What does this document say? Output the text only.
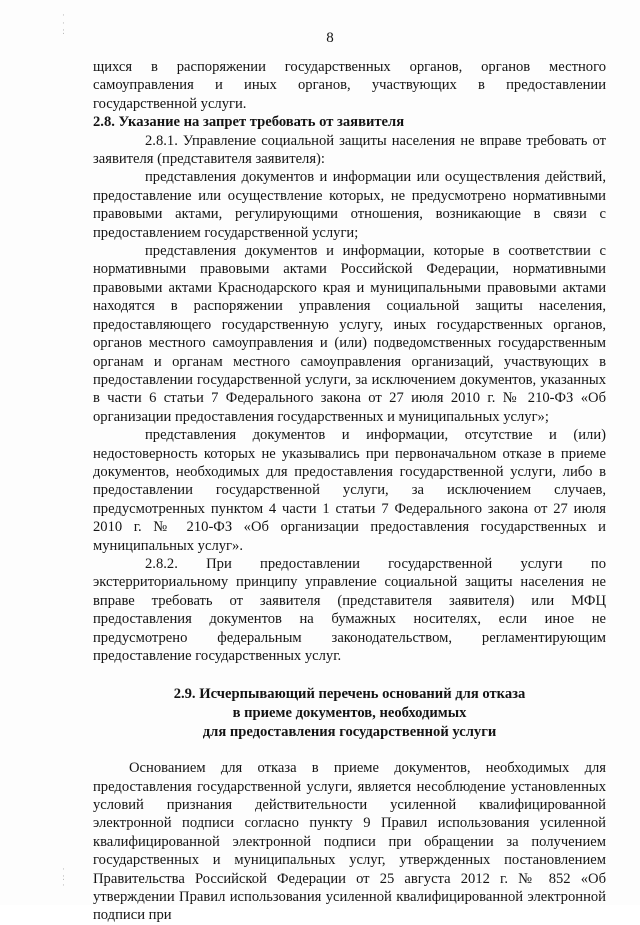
·
·
:
·
:
·
8

щихся в распоряжении государственных органов, органов местного самоуправления и иных органов, участвующих в предоставлении государственной услуги.

2.8. Указание на запрет требовать от заявителя

2.8.1. Управление социальной защиты населения не вправе требовать от заявителя (представителя заявителя):

представления документов и информации или осуществления действий, предоставление или осуществление которых, не предусмотрено нормативными правовыми актами, регулирующими отношения, возникающие в связи с предоставлением государственной услуги;

представления документов и информации, которые в соответствии с нормативными правовыми актами Российской Федерации, нормативными правовыми актами Краснодарского края и муниципальными правовыми актами находятся в распоряжении управления социальной защиты населения, предоставляющего государственную услугу, иных государственных органов, органов местного самоуправления и (или) подведомственных государственным органам и органам местного самоуправления организаций, участвующих в предоставлении государственной услуги, за исключением документов, указанных в части 6 статьи 7 Федерального закона от 27 июля 2010 г. № 210-ФЗ «Об организации предоставления государственных и муниципальных услуг»;

представления документов и информации, отсутствие и (или) недостоверность которых не указывались при первоначальном отказе в приеме документов, необходимых для предоставления государственной услуги, либо в предоставлении государственной услуги, за исключением случаев, предусмотренных пунктом 4 части 1 статьи 7 Федерального закона от 27 июля 2010 г. № 210-ФЗ «Об организации предоставления государственных и муниципальных услуг».

2.8.2. При предоставлении государственной услуги по экстерриториальному принципу управление социальной защиты населения не вправе требовать от заявителя (представителя заявителя) или МФЦ предоставления документов на бумажных носителях, если иное не предусмотрено федеральным законодательством, регламентирующим предоставление государственных услуг.

2.9. Исчерпывающий перечень оснований для отказа
в приеме документов, необходимых
для предоставления государственной услуги

Основанием для отказа в приеме документов, необходимых для предоставления государственной услуги, является несоблюдение установленных условий признания действительности усиленной квалифицированной электронной подписи согласно пункту 9 Правил использования усиленной квалифицированной электронной подписи при обращении за получением государственных и муниципальных услуг, утвержденных постановлением Правительства Российской Федерации от 25 августа 2012 г. № 852 «Об утверждении Правил использования усиленной квалифицированной электронной подписи при
